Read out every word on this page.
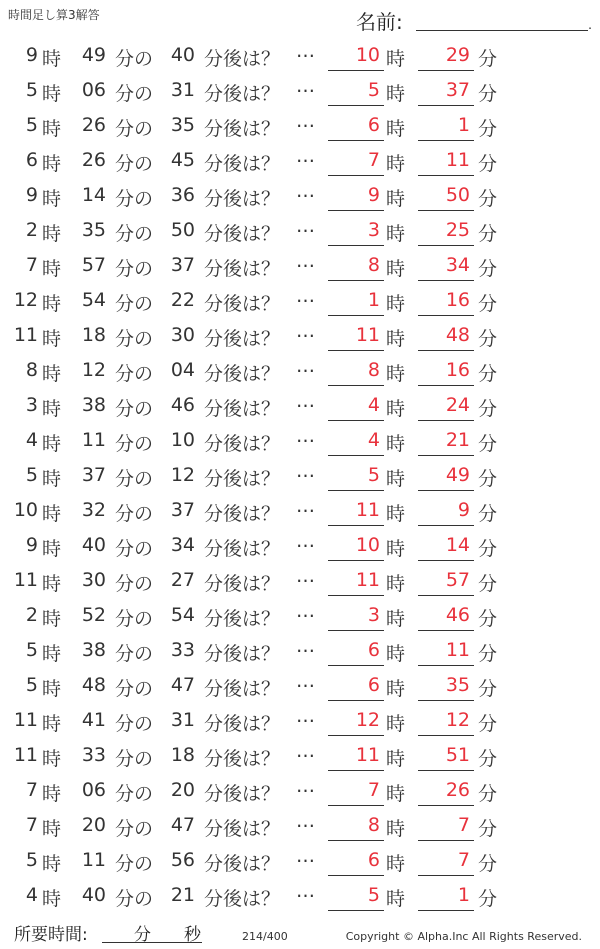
時間足し算3解答	名前:	.
9 時	49 分の 40 分後は？ …	10 時	29 分
5 時	06 分の 31 分後は？ …	5 時	37 分
5 時	26 分の 35 分後は？ …	6 時	1 分
6 時	26 分の 45 分後は？ …	7 時	11 分
9 時	14 分の 36 分後は？ …	9 時	50 分
2 時	35 分の 50 分後は？ …	3 時	25 分
7 時	57 分の 37 分後は？ …	8 時	34 分
12 時	54 分の 22 分後は？ …	1 時	16 分
11 時	18 分の 30 分後は？ …	11 時	48 分
8 時	12 分の 04 分後は？ …	8 時	16 分
3 時	38 分の 46 分後は？ …	4 時	24 分
4 時	11 分の 10 分後は？ …	4 時	21 分
5 時	37 分の 12 分後は？ …	5 時	49 分
10 時	32 分の 37 分後は？ …	11 時	9 分
9 時	40 分の 34 分後は？ …	10 時	14 分
11 時	30 分の 27 分後は？ …	11 時	57 分
2 時	52 分の 54 分後は？ …	3 時	46 分
5 時	38 分の 33 分後は？ …	6 時	11 分
5 時	48 分の 47 分後は？ …	6 時	35 分
11 時	41 分の 31 分後は？ …	12 時	12 分
11 時	33 分の 18 分後は？ …	11 時	51 分
7 時	06 分の 20 分後は？ …	7 時	26 分
7 時	20 分の 47 分後は？ …	8 時	7 分
5 時	11 分の 56 分後は？ …	6 時	7 分
4 時	40 分の 21 分後は？ …	5 時	1 分
所要時間:	分 秒	214/400	Copyright © Alpha.Inc All Rights Reserved.
